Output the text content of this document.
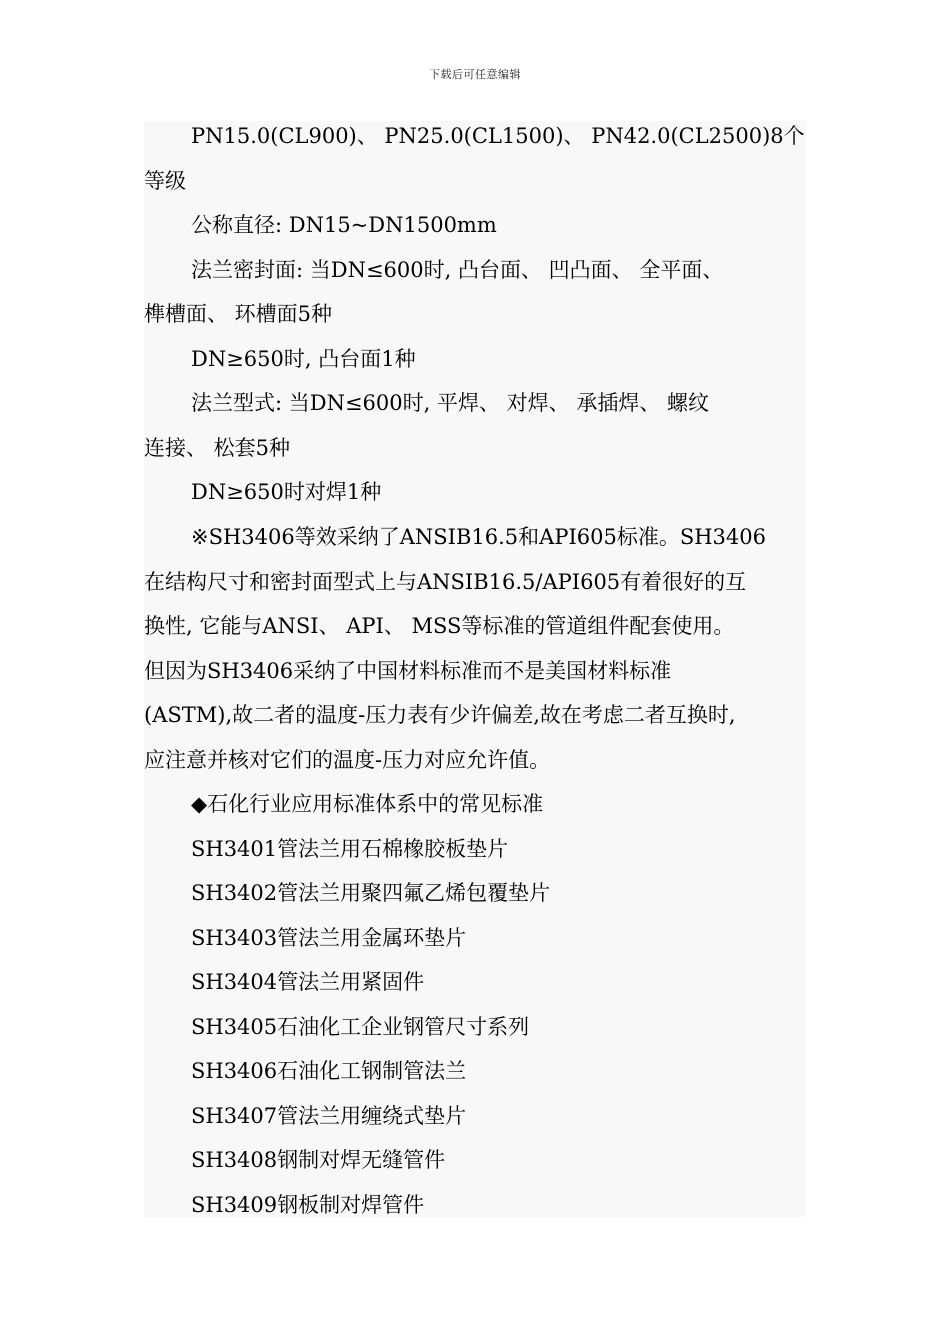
下载后可任意编辑
PN15.0(CL900)、 PN25.0(CL1500)、 PN42.0(CL2500)8个
等级
公称直径: DN15~DN1500mm
法兰密封面: 当DN≤600时, 凸台面、 凹凸面、 全平面、
榫槽面、 环槽面5种
DN≥650时, 凸台面1种
法兰型式: 当DN≤600时, 平焊、 对焊、 承插焊、 螺纹
连接、 松套5种
DN≥650时对焊1种
※SH3406等效采纳了ANSIB16.5和API605标准。SH3406
在结构尺寸和密封面型式上与ANSIB16.5/API605有着很好的互
换性, 它能与ANSI、 API、 MSS等标准的管道组件配套使用。
但因为SH3406采纳了中国材料标准而不是美国材料标准
(ASTM),故二者的温度-压力表有少许偏差,故在考虑二者互换时,
应注意并核对它们的温度-压力对应允许值。
◆石化行业应用标准体系中的常见标准
SH3401管法兰用石棉橡胶板垫片
SH3402管法兰用聚四氟乙烯包覆垫片
SH3403管法兰用金属环垫片
SH3404管法兰用紧固件
SH3405石油化工企业钢管尺寸系列
SH3406石油化工钢制管法兰
SH3407管法兰用缠绕式垫片
SH3408钢制对焊无缝管件
SH3409钢板制对焊管件
